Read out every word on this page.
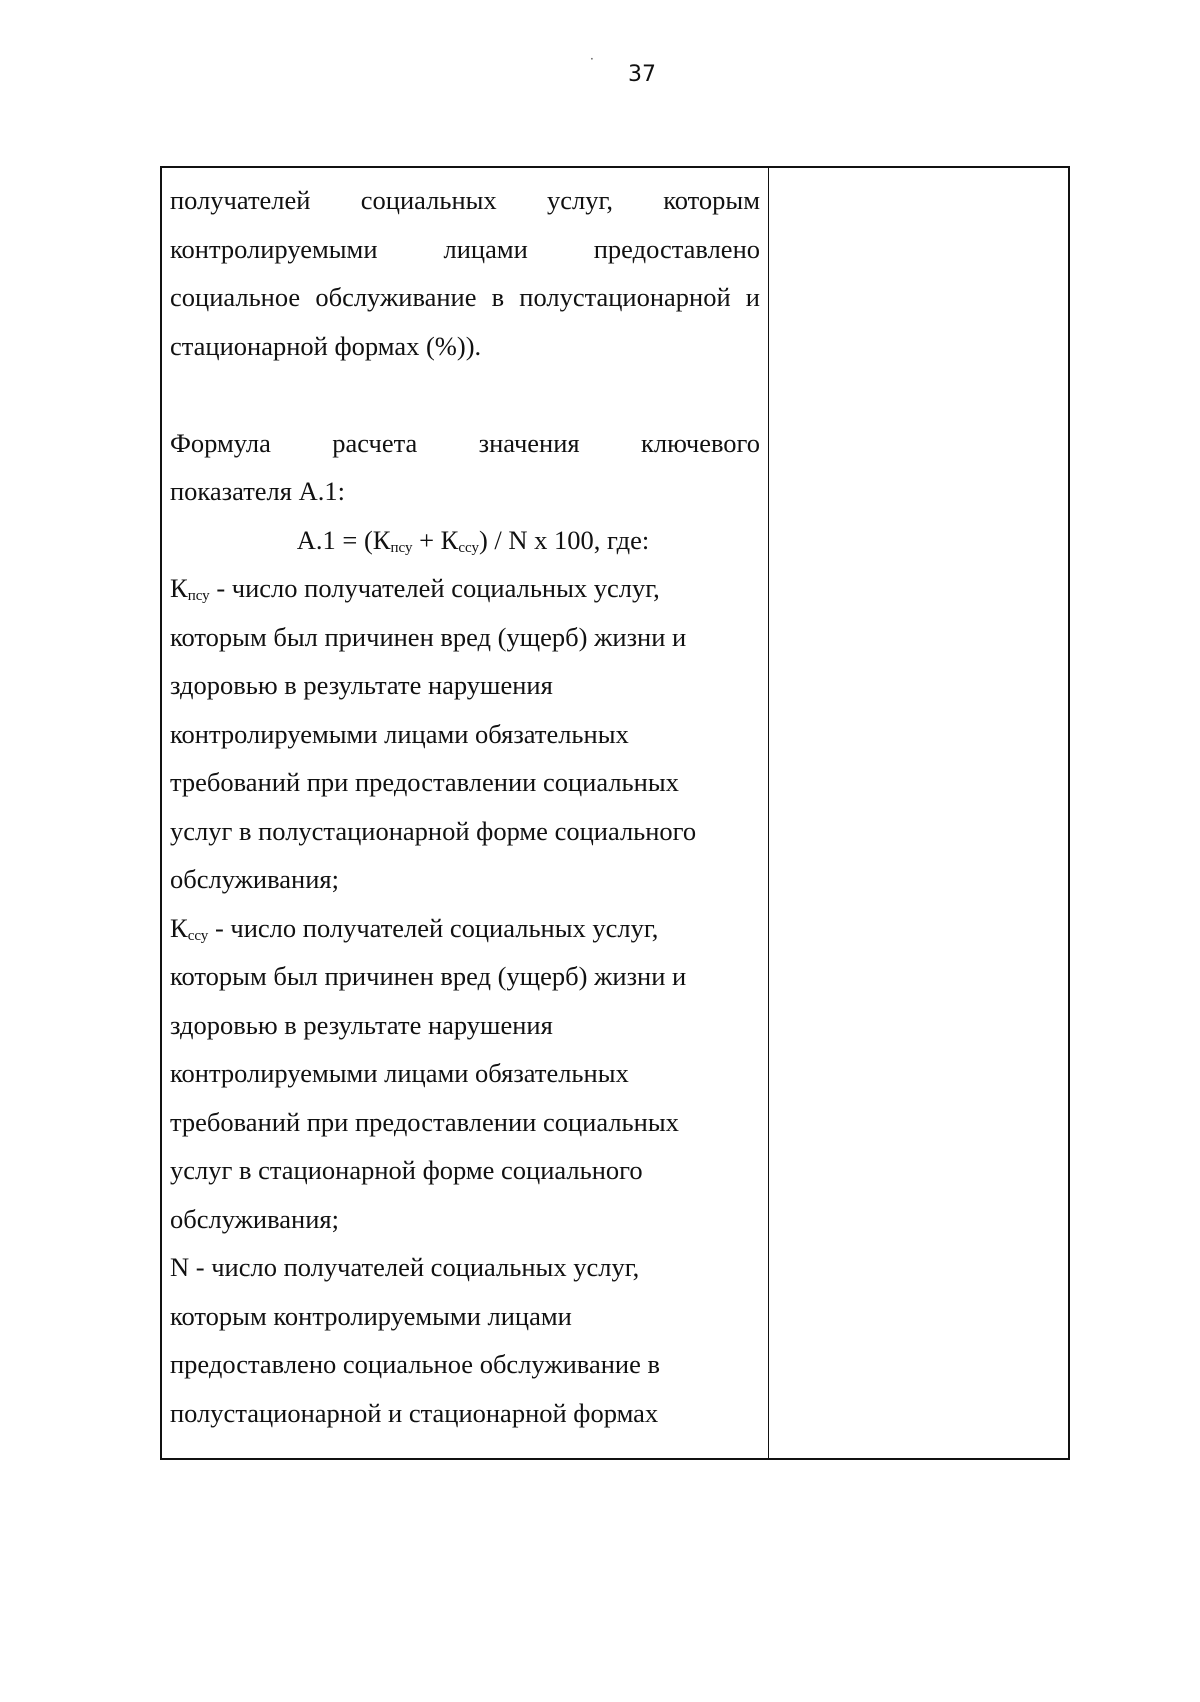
·
37

получателей социальных услуг, которым

контролируемыми лицами предоставлено

социальное обслуживание в полустационарной и

стационарной формах (%)).

Формула расчета значения ключевого

показателя А.1:

$А.1 = (К_{псу} + К_{ссу}) / N$ х 100, где:

$К_{псу}$ - число получателей социальных услуг,

которым был причинен вред (ущерб) жизни и

здоровью в результате нарушения

контролируемыми лицами обязательных

требований при предоставлении социальных

услуг в полустационарной форме социального

обслуживания;

$К_{ссу}$ - число получателей социальных услуг,

которым был причинен вред (ущерб) жизни и

здоровью в результате нарушения

контролируемыми лицами обязательных

требований при предоставлении социальных

услуг в стационарной форме социального

обслуживания;

N - число получателей социальных услуг,

которым контролируемыми лицами

предоставлено социальное обслуживание в

полустационарной и стационарной формах
